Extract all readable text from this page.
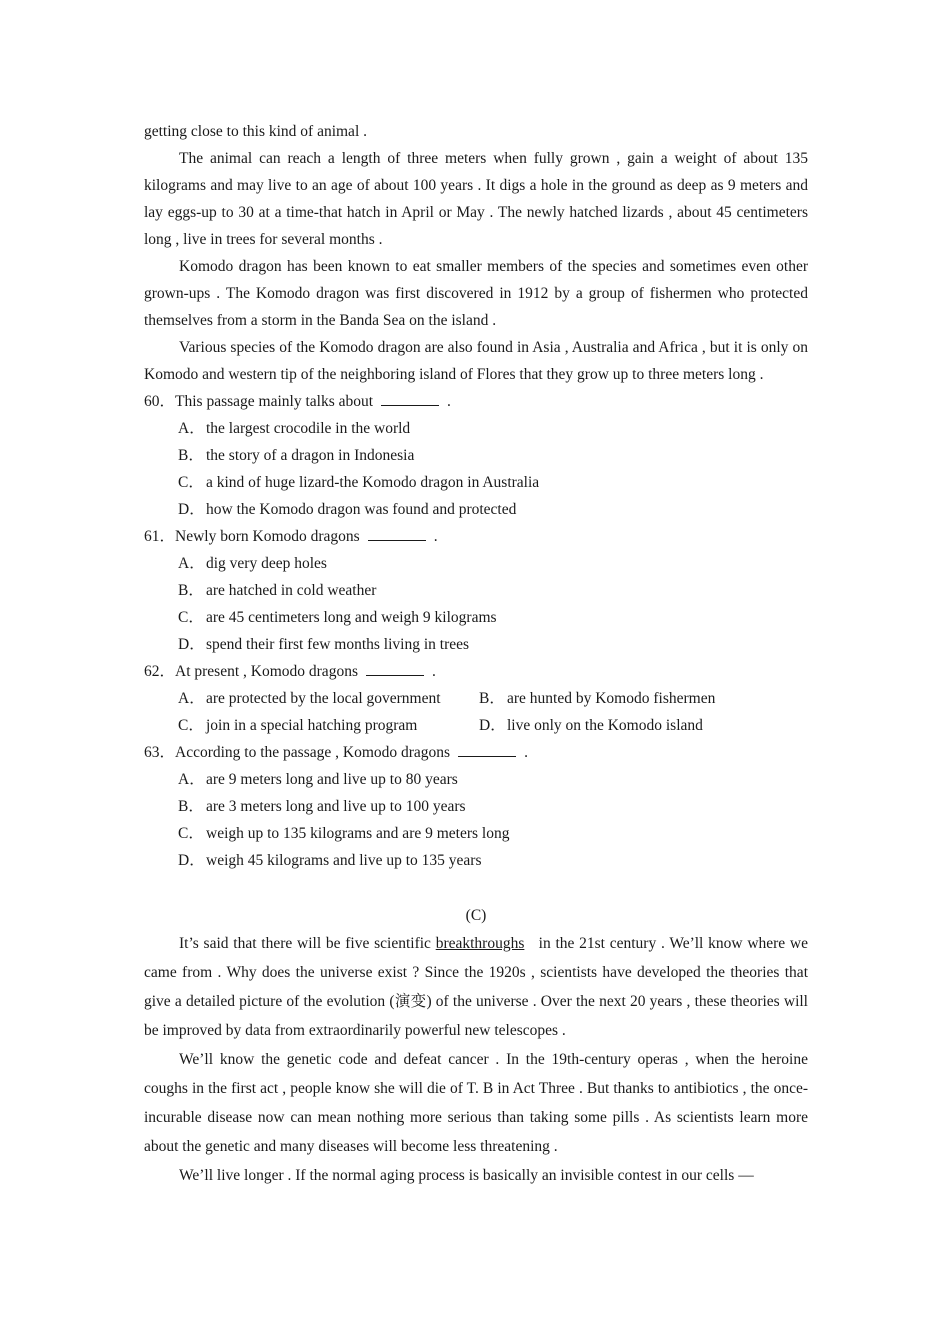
getting close to this kind of animal .
The animal can reach a length of three meters when fully grown , gain a weight of about 135 kilograms and may live to an age of about 100 years . It digs a hole in the ground as deep as 9 meters and lay eggs-up to 30 at a time-that hatch in April or May . The newly hatched lizards , about 45 centimeters long , live in trees for several months .
Komodo dragon has been known to eat smaller members of the species and sometimes even other grown-ups . The Komodo dragon was first discovered in 1912 by a group of fishermen who protected themselves from a storm in the Banda Sea on the island .
Various species of the Komodo dragon are also found in Asia , Australia and Africa , but it is only on Komodo and western tip of the neighboring island of Flores that they grow up to three meters long .
60．This passage mainly talks about	.
A．the largest crocodile in the world
B． the story of a dragon in Indonesia
C． a kind of huge lizard-the Komodo dragon in Australia
D．how the Komodo dragon was found and protected
61．Newly born Komodo dragons	.
A．dig very deep holes
B． are hatched in cold weather
C． are 45 centimeters long and weigh 9 kilograms
D．spend their first few months living in trees
62．At present , Komodo dragons	.
A．are protected by the local government	B． are hunted by Komodo fishermen
C． join in a special hatching program	D．live only on the Komodo island
63．According to the passage , Komodo dragons	.
A．are 9 meters long and live up to 80 years
B． are 3 meters long and live up to 100 years
C． weigh up to 135 kilograms and are 9 meters long
D．weigh 45 kilograms and live up to 135 years
(C)
It’s said that there will be five scientific breakthroughs in the 21st century . We’ll know where we came from . Why does the universe exist ? Since the 1920s , scientists have developed the theories that give a detailed picture of the evolution (演变) of the universe . Over the next 20 years , these theories will be improved by data from extraordinarily powerful new telescopes .
We’ll know the genetic code and defeat cancer . In the 19th-century operas , when the heroine coughs in the first act , people know she will die of T. B in Act Three . But thanks to antibiotics , the once-incurable disease now can mean nothing more serious than taking some pills . As scientists learn more about the genetic and many diseases will become less threatening .
We’ll live longer . If the normal aging process is basically an invisible contest in our cells —
